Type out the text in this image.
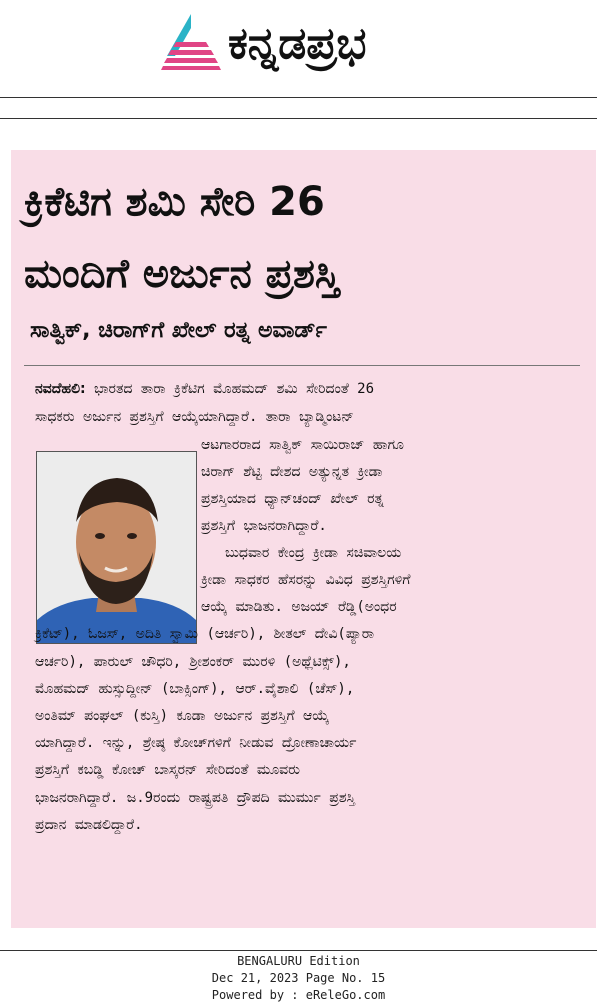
ಕನ್ನಡಪ್ರಭ
ಕ್ರಿಕೆಟಿಗ ಶಮಿ ಸೇರಿ 26
ಮಂದಿಗೆ ಅರ್ಜುನ ಪ್ರಶಸ್ತಿ
ಸಾತ್ವಿಕ್, ಚಿರಾಗ್‌ಗೆ ಖೇಲ್ ರತ್ನ ಅವಾರ್ಡ್
ನವದೆಹಲಿ: ಭಾರತದ ತಾರಾ ಕ್ರಿಕೆಟಿಗ ಮೊಹಮದ್ ಶಮಿ ಸೇರಿದಂತೆ 26
ಸಾಧಕರು ಅರ್ಜುನ ಪ್ರಶಸ್ತಿಗೆ ಆಯ್ಕೆಯಾಗಿದ್ದಾರೆ. ತಾರಾ ಬ್ಯಾಡ್ಮಿಂಟನ್
ಆಟಗಾರರಾದ ಸಾತ್ವಿಕ್ ಸಾಯಿರಾಜ್ ಹಾಗೂ
ಚಿರಾಗ್ ಶೆಟ್ಟಿ ದೇಶದ ಅತ್ಯುನ್ನತ ಕ್ರೀಡಾ
ಪ್ರಶಸ್ತಿಯಾದ ಧ್ಯಾನ್‌ಚಂದ್ ಖೇಲ್ ರತ್ನ
ಪ್ರಶಸ್ತಿಗೆ ಭಾಜನರಾಗಿದ್ದಾರೆ.
ಬುಧವಾರ ಕೇಂದ್ರ ಕ್ರೀಡಾ ಸಚಿವಾಲಯ
ಕ್ರೀಡಾ ಸಾಧಕರ ಹೆಸರನ್ನು ವಿವಿಧ ಪ್ರಶಸ್ತಿಗಳಿಗೆ
ಆಯ್ಕೆ ಮಾಡಿತು. ಅಜಯ್ ರೆಡ್ಡಿ(ಅಂಧರ
ಕ್ರಿಕೆಟ್), ಓಜಸ್, ಅದಿತಿ ಸ್ವಾಮಿ (ಆರ್ಚರಿ), ಶೀತಲ್ ದೇವಿ(ಪ್ಯಾರಾ
ಆರ್ಚರಿ), ಪಾರುಲ್ ಚೌಧರಿ, ಶ್ರೀಶಂಕರ್ ಮುರಳಿ (ಅಥ್ಲೆಟಿಕ್ಸ್),
ಮೊಹಮದ್ ಹುಸ್ಸುದ್ದೀನ್ (ಬಾಕ್ಸಿಂಗ್), ಆರ್.ವೈಶಾಲಿ (ಚೆಸ್),
ಅಂತಿಮ್ ಪಂಘಲ್ (ಕುಸ್ತಿ) ಕೂಡಾ ಅರ್ಜುನ ಪ್ರಶಸ್ತಿಗೆ ಆಯ್ಕೆ
ಯಾಗಿದ್ದಾರೆ. ಇನ್ನು, ಶ್ರೇಷ್ಠ ಕೋಚ್‌ಗಳಿಗೆ ನೀಡುವ ದ್ರೋಣಾಚಾರ್ಯ
ಪ್ರಶಸ್ತಿಗೆ ಕಬಡ್ಡಿ ಕೋಚ್ ಬಾಸ್ಕರನ್ ಸೇರಿದಂತೆ ಮೂವರು
ಭಾಜನರಾಗಿದ್ದಾರೆ. ಜ.9ರಂದು ರಾಷ್ಟ್ರಪತಿ ದ್ರೌಪದಿ ಮುರ್ಮು ಪ್ರಶಸ್ತಿ
ಪ್ರದಾನ ಮಾಡಲಿದ್ದಾರೆ.
BENGALURU Edition
Dec 21, 2023 Page No. 15
Powered by : eReleGo.com
